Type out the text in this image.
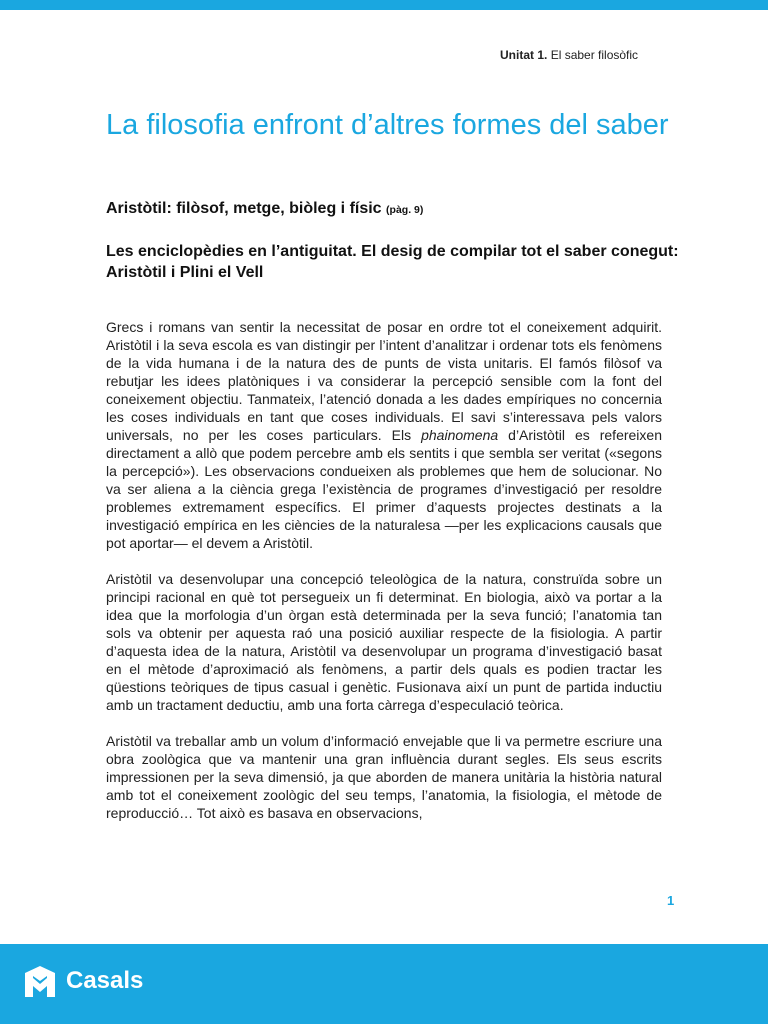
Unitat 1. El saber filosòfic
La filosofia enfront d’altres formes del saber
Aristòtil: filòsof, metge, biòleg i físic (pàg. 9)
Les enciclopèdies en l’antiguitat. El desig de compilar tot el saber conegut: Aristòtil i Plini el Vell

Grecs i romans van sentir la necessitat de posar en ordre tot el coneixement adquirit. Aristòtil i la seva escola es van distingir per l’intent d’analitzar i ordenar tots els fenòmens de la vida humana i de la natura des de punts de vista unitaris. El famós filòsof va rebutjar les idees platòniques i va considerar la percepció sensible com la font del coneixement objectiu. Tanmateix, l’atenció donada a les dades empíriques no concernia les coses individuals en tant que coses individuals. El savi s’interessava pels valors universals, no per les coses particulars. Els phainomena d’Aristòtil es refereixen directament a allò que podem percebre amb els sentits i que sembla ser veritat («segons la percepció»). Les observacions condueixen als problemes que hem de solucionar. No va ser aliena a la ciència grega l’existència de programes d’investigació per resoldre problemes extremament específics. El primer d’aquests projectes destinats a la investigació empírica en les ciències de la naturalesa —per les explicacions causals que pot aportar— el devem a Aristòtil.

Aristòtil va desenvolupar una concepció teleològica de la natura, construïda sobre un principi racional en què tot persegueix un fi determinat. En biologia, això va portar a la idea que la morfologia d’un òrgan està determinada per la seva funció; l’anatomia tan sols va obtenir per aquesta raó una posició auxiliar respecte de la fisiologia. A partir d’aquesta idea de la natura, Aristòtil va desenvolupar un programa d’investigació basat en el mètode d’aproximació als fenòmens, a partir dels quals es podien tractar les qüestions teòriques de tipus casual i genètic. Fusionava així un punt de partida inductiu amb un tractament deductiu, amb una forta càrrega d’especulació teòrica.

Aristòtil va treballar amb un volum d’informació envejable que li va permetre escriure una obra zoològica que va mantenir una gran influència durant segles. Els seus escrits impressionen per la seva dimensió, ja que aborden de manera unitària la història natural amb tot el coneixement zoològic del seu temps, l’anatomia, la fisiologia, el mètode de reproducció… Tot això es basava en observacions,

1
Casals
